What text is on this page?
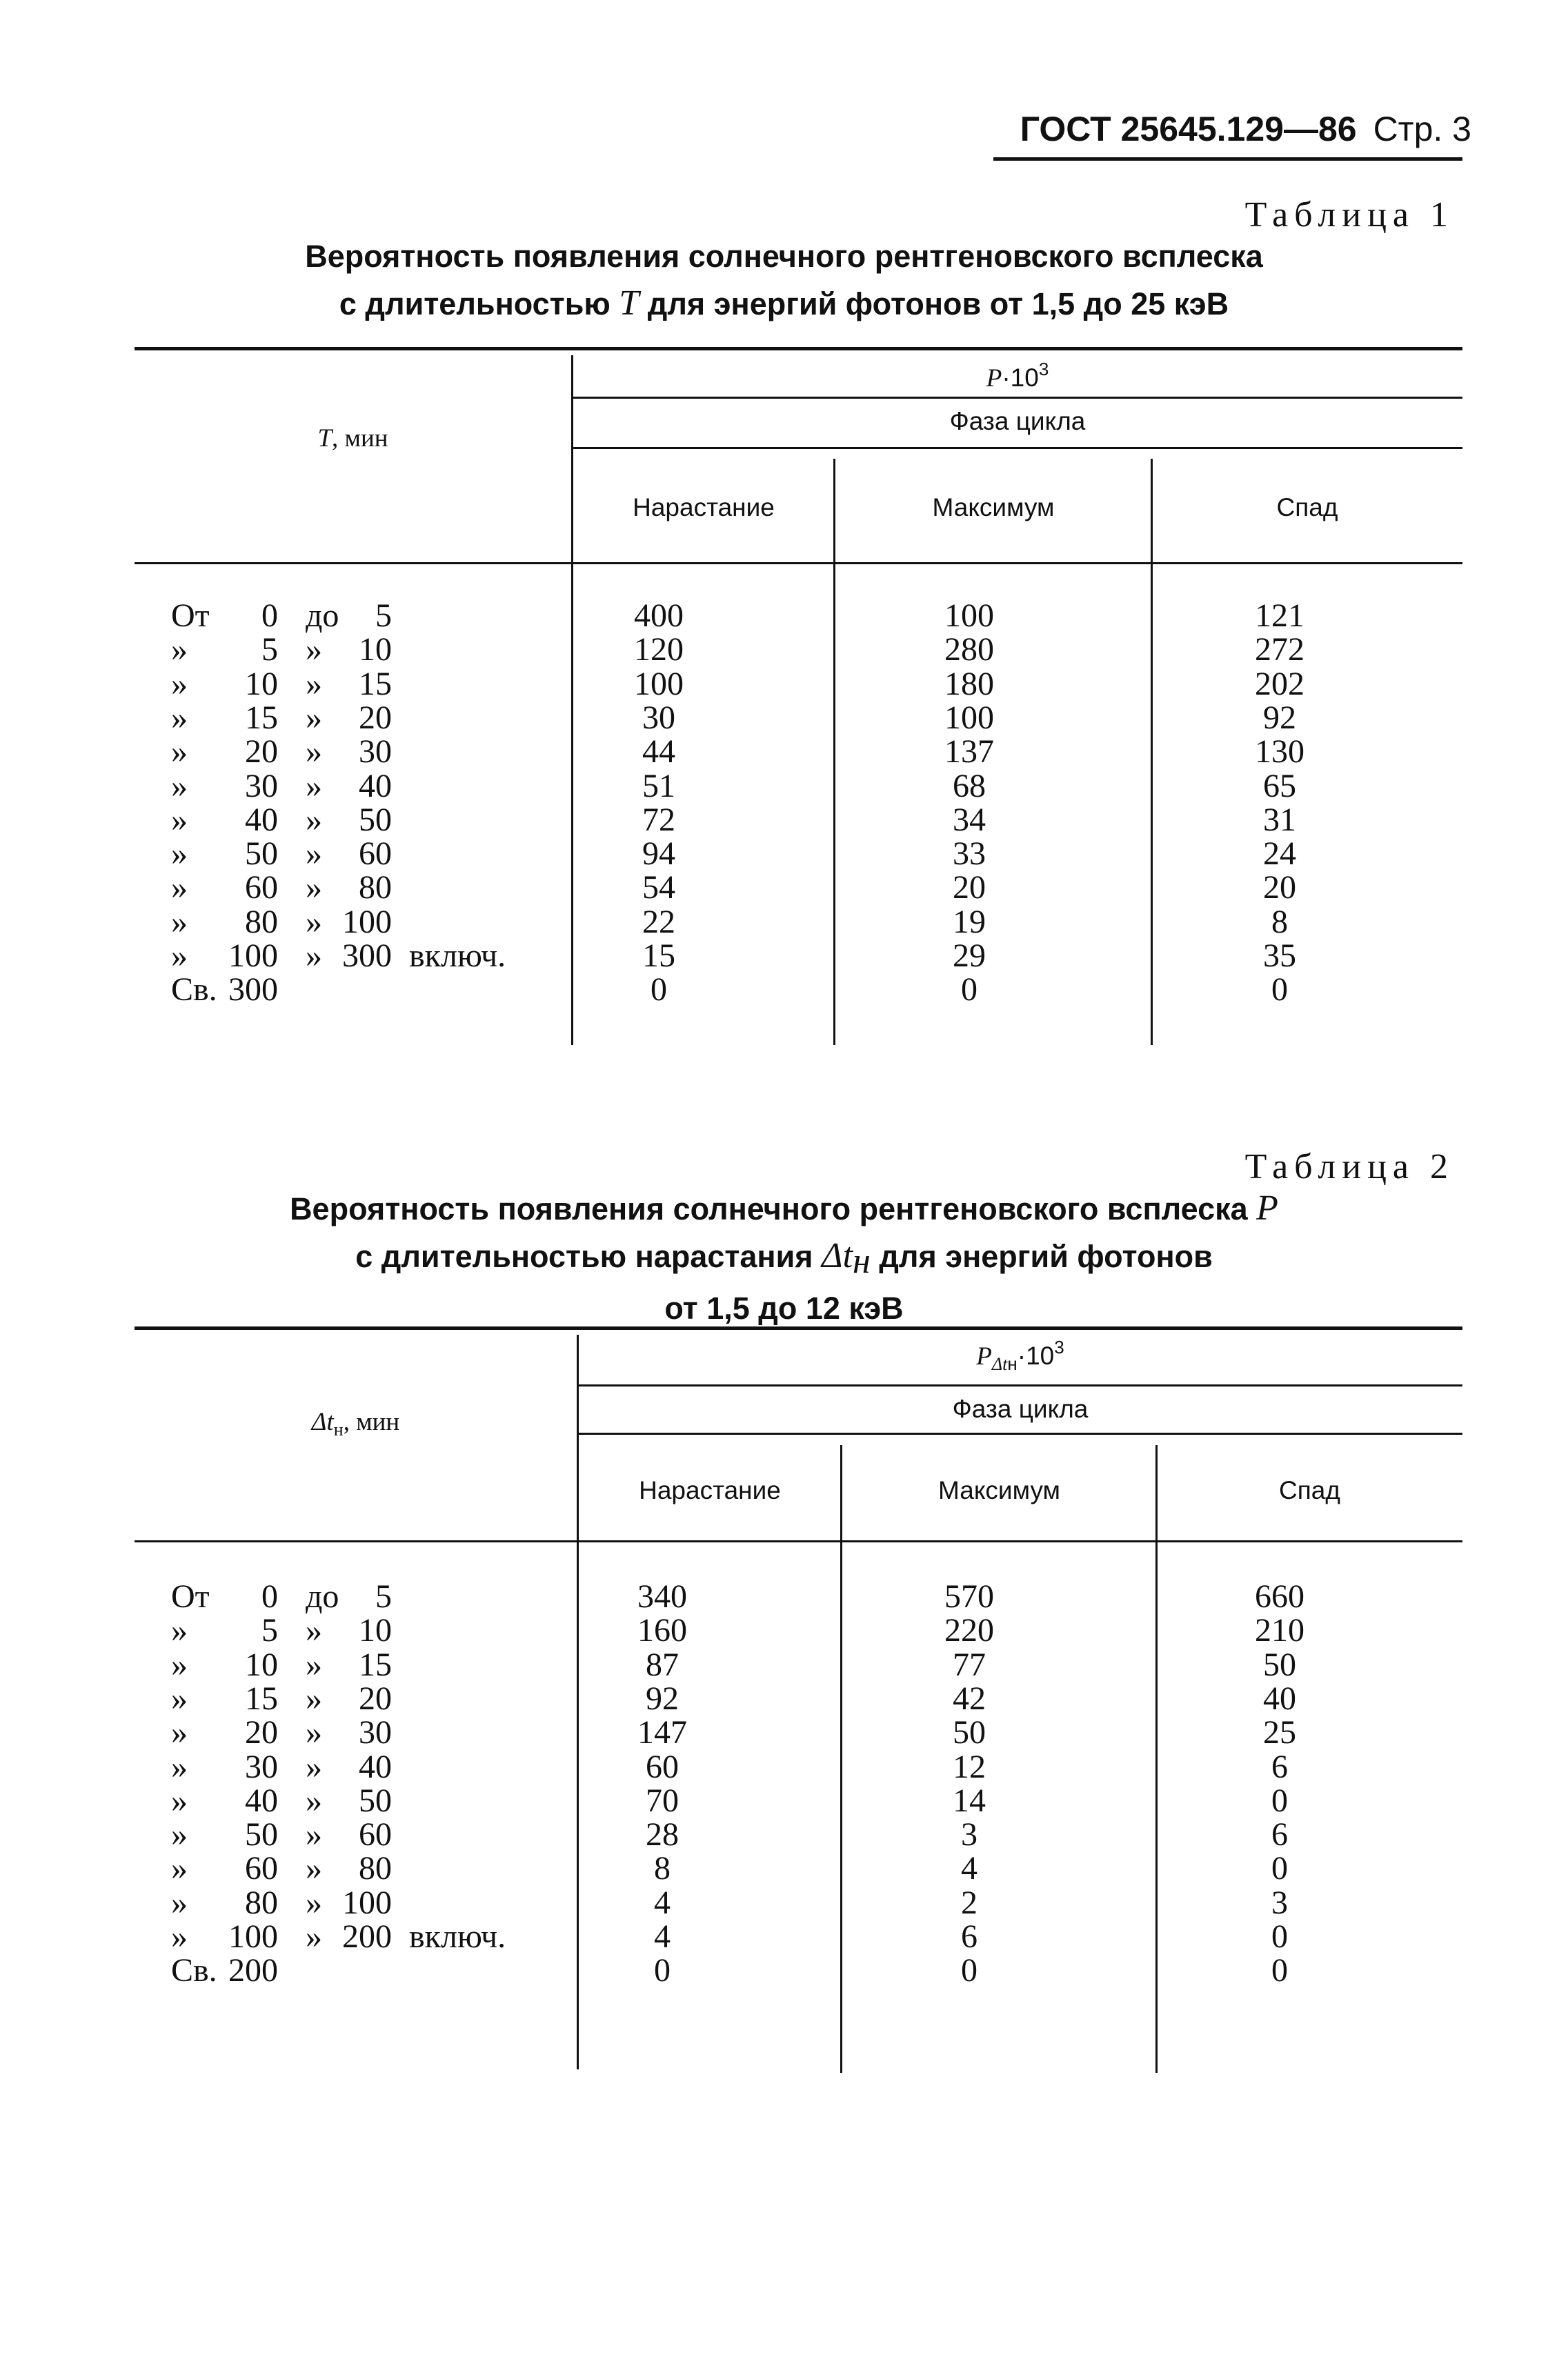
ГОСТ 25645.129—86 Стр. 3
Таблица 1
Вероятность появления солнечного рентгеновского всплеска
с длительностью T для энергий фотонов от 1,5 до 25 кэВ
T, мин
$P\cdot 10^3$
Фаза цикла
Нарастание	Максимум	Спад
От	0 до	5	400	100	121
»	5 »	10	120	280	272
»	10 »	15	100	180	202
»	15 »	20	30	100	92
»	20 »	30	44	137	130
»	30 »	40	51	68	65
»	40 »	50	72	34	31
»	50 »	60	94	33	24
»	60 »	80	54	20	20
»	80 » 100	22	19	8
»	100 » 300 включ.	15	29	35
Св. 300	0	0	0
Таблица 2
Вероятность появления солнечного рентгеновского всплеска P
с длительностью нарастания Δtн для энергий фотонов
от 1,5 до 12 кэВ
$\Delta t_н$, мин
$P_{\Delta tн}\cdot 10^3$
Фаза цикла
Нарастание	Максимум	Спад
От	0 до	5	340	570	660
»	5 »	10	160	220	210
»	10 »	15	87	77	50
»	15 »	20	92	42	40
»	20 »	30	147	50	25
»	30 »	40	60	12	6
»	40 »	50	70	14	0
»	50 »	60	28	3	6
»	60 »	80	8	4	0
»	80 » 100	4	2	3
»	100 » 200 включ.	4	6	0
Св. 200	0	0	0
